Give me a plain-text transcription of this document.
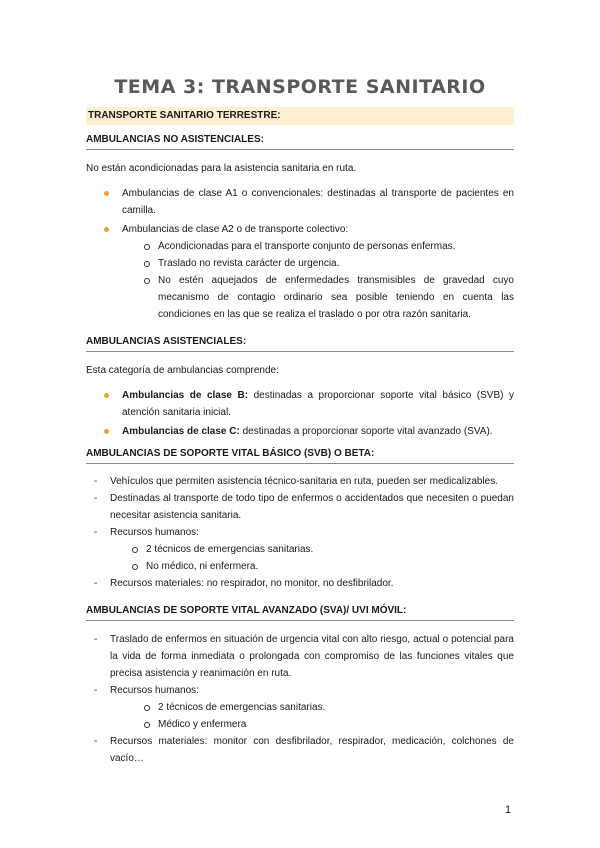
TEMA 3: TRANSPORTE SANITARIO
TRANSPORTE SANITARIO TERRESTRE:
AMBULANCIAS NO ASISTENCIALES:
No están acondicionadas para la asistencia sanitaria en ruta.
Ambulancias de clase A1 o convencionales: destinadas al transporte de pacientes en camilla.
Ambulancias de clase A2 o de transporte colectivo:
Acondicionadas para el transporte conjunto de personas enfermas.
Traslado no revista carácter de urgencia.
No estén aquejados de enfermedades transmisibles de gravedad cuyo mecanismo de contagio ordinario sea posible teniendo en cuenta las condiciones en las que se realiza el traslado o por otra razón sanitaria.
AMBULANCIAS ASISTENCIALES:
Esta categoría de ambulancias comprende:
Ambulancias de clase B: destinadas a proporcionar soporte vital básico (SVB) y atención sanitaria inicial.
Ambulancias de clase C: destinadas a proporcionar soporte vital avanzado (SVA).
AMBULANCIAS DE SOPORTE VITAL BÁSICO (SVB) O BETA:
- Vehículos que permiten asistencia técnico-sanitaria en ruta, pueden ser medicalizables.
- Destinadas al transporte de todo tipo de enfermos o accidentados que necesiten o puedan necesitar asistencia sanitaria.
- Recursos humanos:
2 técnicos de emergencias sanitarias.
No médico, ni enfermera.
- Recursos materiales: no respirador, no monitor, no desfibrilador.
AMBULANCIAS DE SOPORTE VITAL AVANZADO (SVA)/ UVI MÓVIL:
- Traslado de enfermos en situación de urgencia vital con alto riesgo, actual o potencial para la vida de forma inmediata o prolongada con compromiso de las funciones vitales que precisa asistencia y reanimación en ruta.
- Recursos humanos:
2 técnicos de emergencias sanitarias.
Médico y enfermera
- Recursos materiales: monitor con desfibrilador, respirador, medicación, colchones de vacío…
1
